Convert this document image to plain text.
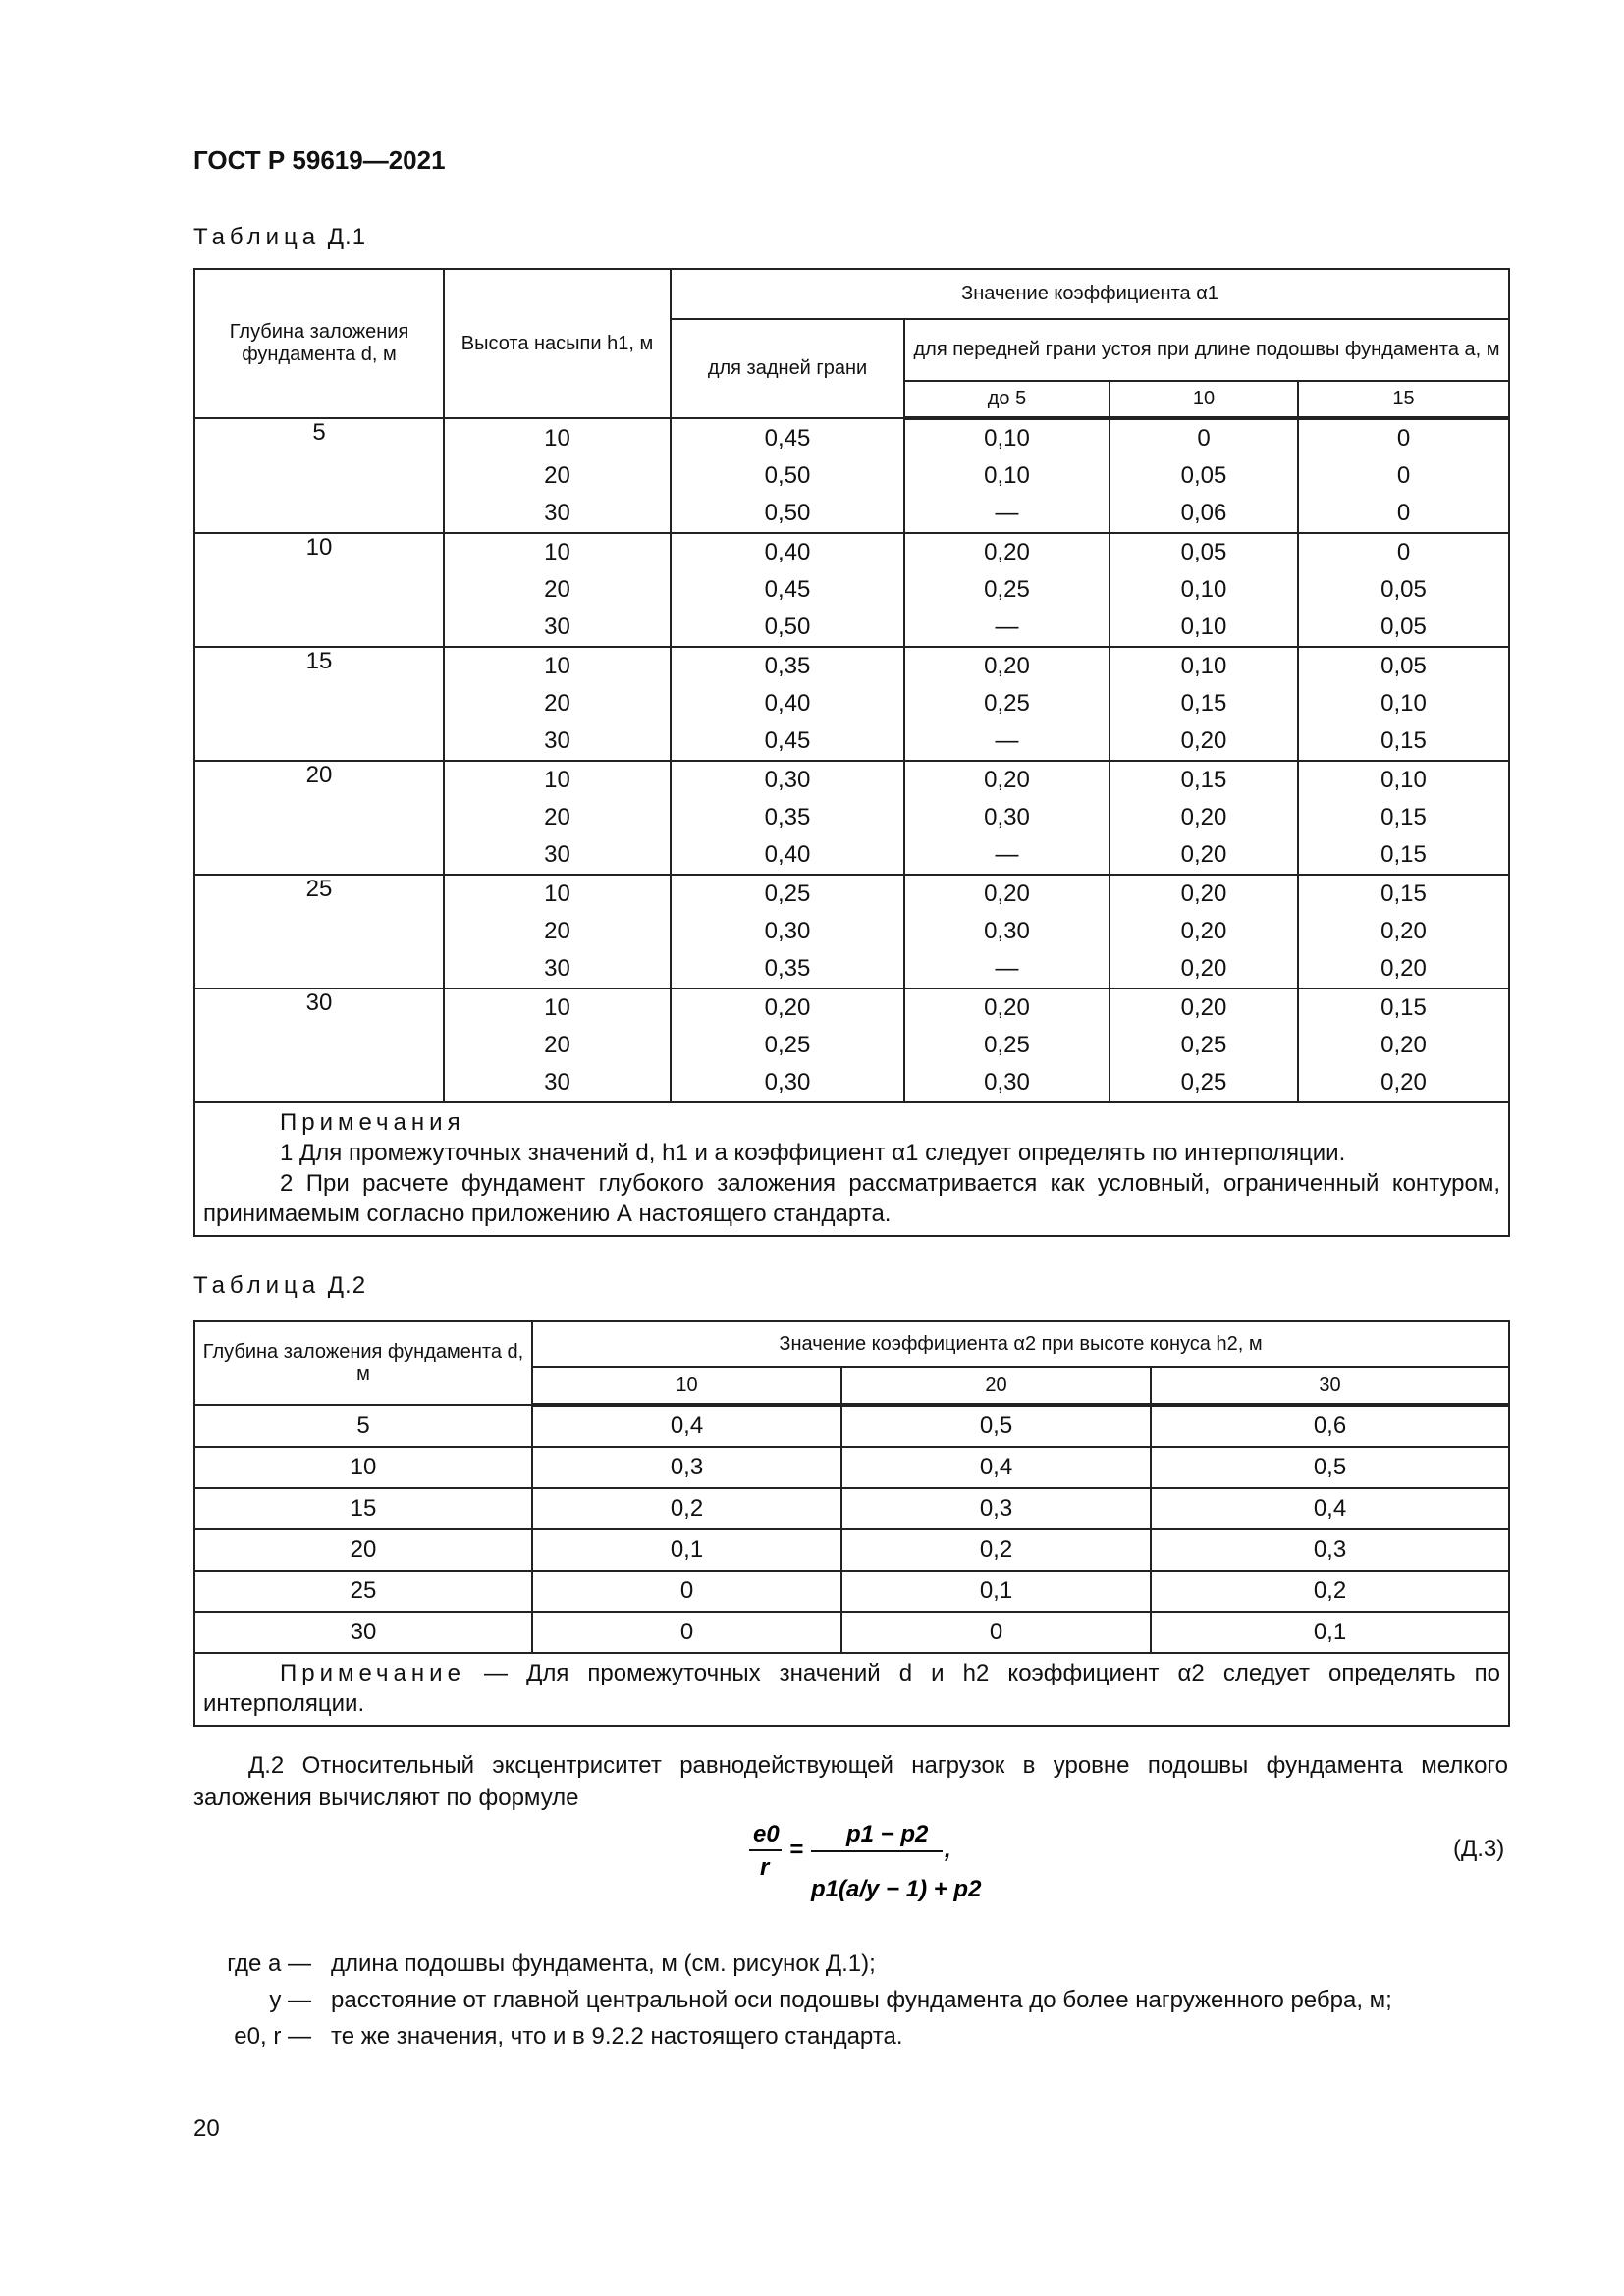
ГОСТ Р 59619—2021
Таблица Д.1
Глубина заложения фундамента d, м	Высота насыпи h1, м	Значение коэффициента α1			
		для задней грани	для передней грани устоя при длине подошвы фундамента a, м		
			до 5	10	15
5	10	0,45	0,10	0	0
	20	0,50	0,10	0,05	0
	30	0,50	—	0,06	0
10	10	0,40	0,20	0,05	0
	20	0,45	0,25	0,10	0,05
	30	0,50	—	0,10	0,05
15	10	0,35	0,20	0,10	0,05
	20	0,40	0,25	0,15	0,10
	30	0,45	—	0,20	0,15
20	10	0,30	0,20	0,15	0,10
	20	0,35	0,30	0,20	0,15
	30	0,40	—	0,20	0,15
25	10	0,25	0,20	0,20	0,15
	20	0,30	0,30	0,20	0,20
	30	0,35	—	0,20	0,20
30	10	0,20	0,20	0,20	0,15
	20	0,25	0,25	0,25	0,20
	30	0,30	0,30	0,25	0,20

Примечания
1 Для промежуточных значений d, h1 и a коэффициент α1 следует определять по интерполяции.
2 При расчете фундамент глубокого заложения рассматривается как условный, ограниченный контуром, принимаемым согласно приложению А настоящего стандарта.					
Таблица Д.2
Глубина заложения фундамента d, м	Значение коэффициента α2 при высоте конуса h2, м		
	10	20	30
5	0,4	0,5	0,6
10	0,3	0,4	0,5
15	0,2	0,3	0,4
20	0,1	0,2	0,3
25	0	0,1	0,2
30	0	0	0,1

Примечание — Для промежуточных значений d и h2 коэффициент α2 следует определять по интерполяции.			
Д.2 Относительный эксцентриситет равнодействующей нагрузок в уровне подошвы фундамента мелкого заложения вычисляют по формуле
e0
r
=
p1 − p2
p1(a/y − 1) + p2
,	(Д.3)
где a — длина подошвы фундамента, м (см. рисунок Д.1);
y — расстояние от главной центральной оси подошвы фундамента до более нагруженного ребра, м;
e0, r — те же значения, что и в 9.2.2 настоящего стандарта.
20
